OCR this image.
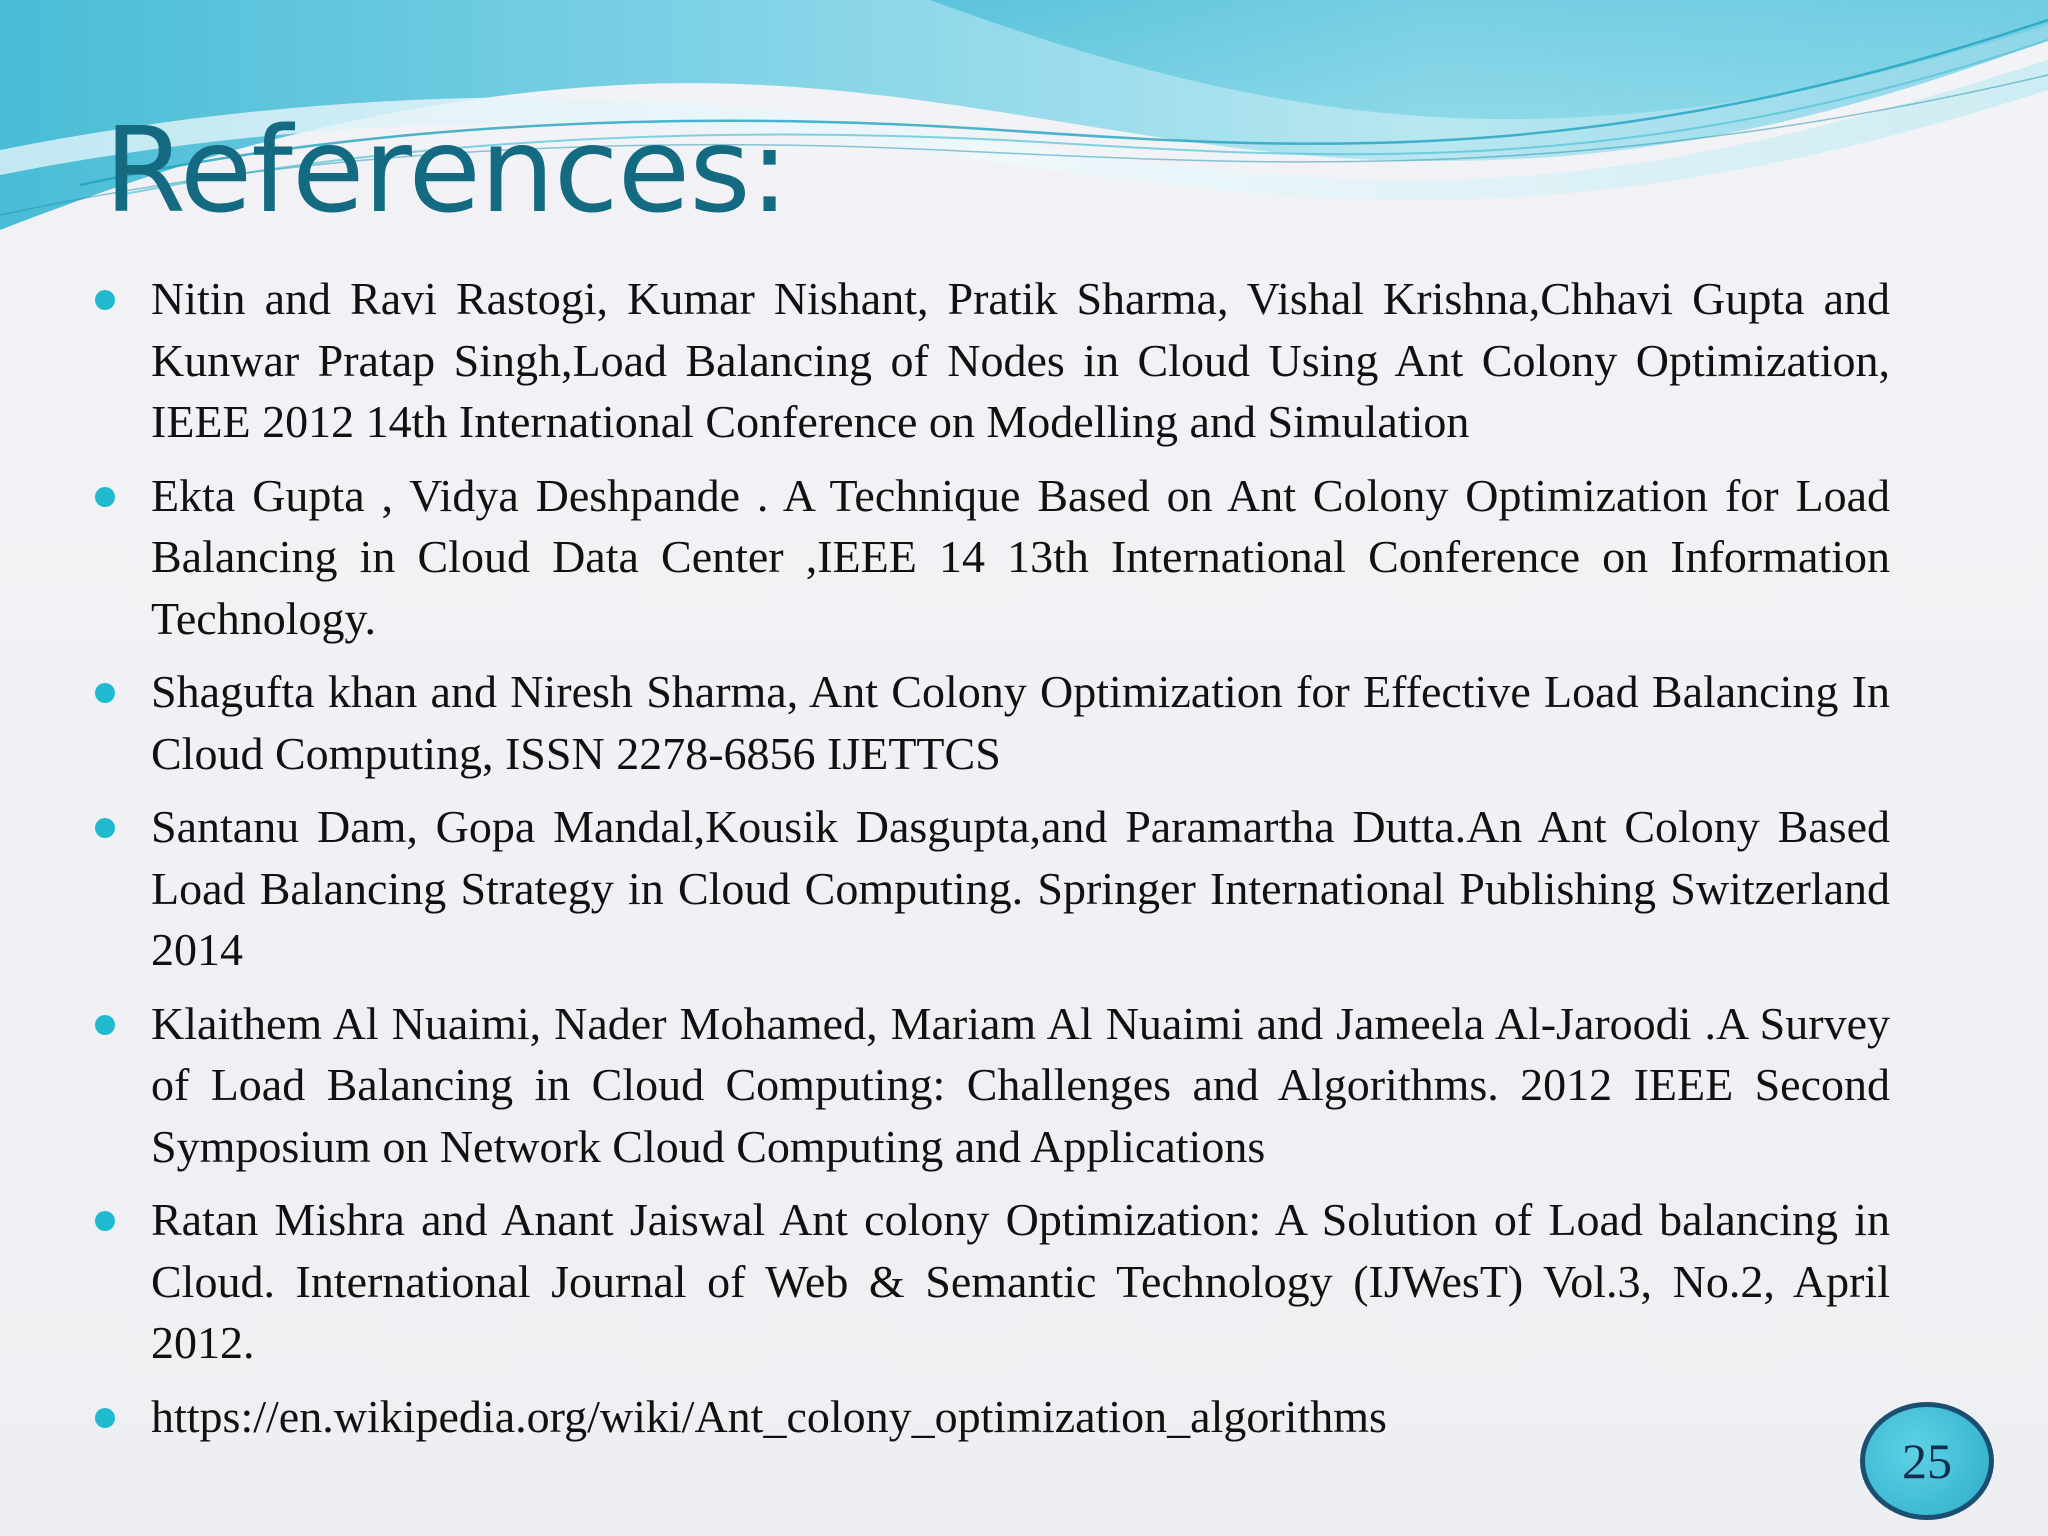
References:
Nitin and Ravi Rastogi, Kumar Nishant, Pratik Sharma, Vishal Krishna,Chhavi Gupta and Kunwar Pratap Singh,Load Balancing of Nodes in Cloud Using Ant Colony Optimization, IEEE 2012 14th International Conference on Modelling and Simulation
Ekta Gupta , Vidya Deshpande . A Technique Based on Ant Colony Optimization for Load Balancing in Cloud Data Center ,IEEE 14 13th International Conference on Information Technology.
Shagufta khan and Niresh Sharma, Ant Colony Optimization for Effective Load Balancing In Cloud Computing, ISSN 2278-6856 IJETTCS
Santanu Dam, Gopa Mandal,Kousik Dasgupta,and Paramartha Dutta.An Ant Colony Based Load Balancing Strategy in Cloud Computing. Springer International Publishing Switzerland 2014
Klaithem Al Nuaimi, Nader Mohamed, Mariam Al Nuaimi and Jameela Al-Jaroodi .A Survey of Load Balancing in Cloud Computing: Challenges and Algorithms. 2012 IEEE Second Symposium on Network Cloud Computing and Applications
Ratan Mishra and Anant Jaiswal Ant colony Optimization: A Solution of Load balancing in Cloud. International Journal of Web & Semantic Technology (IJWesT) Vol.3, No.2, April 2012.
https://en.wikipedia.org/wiki/Ant_colony_optimization_algorithms
25
